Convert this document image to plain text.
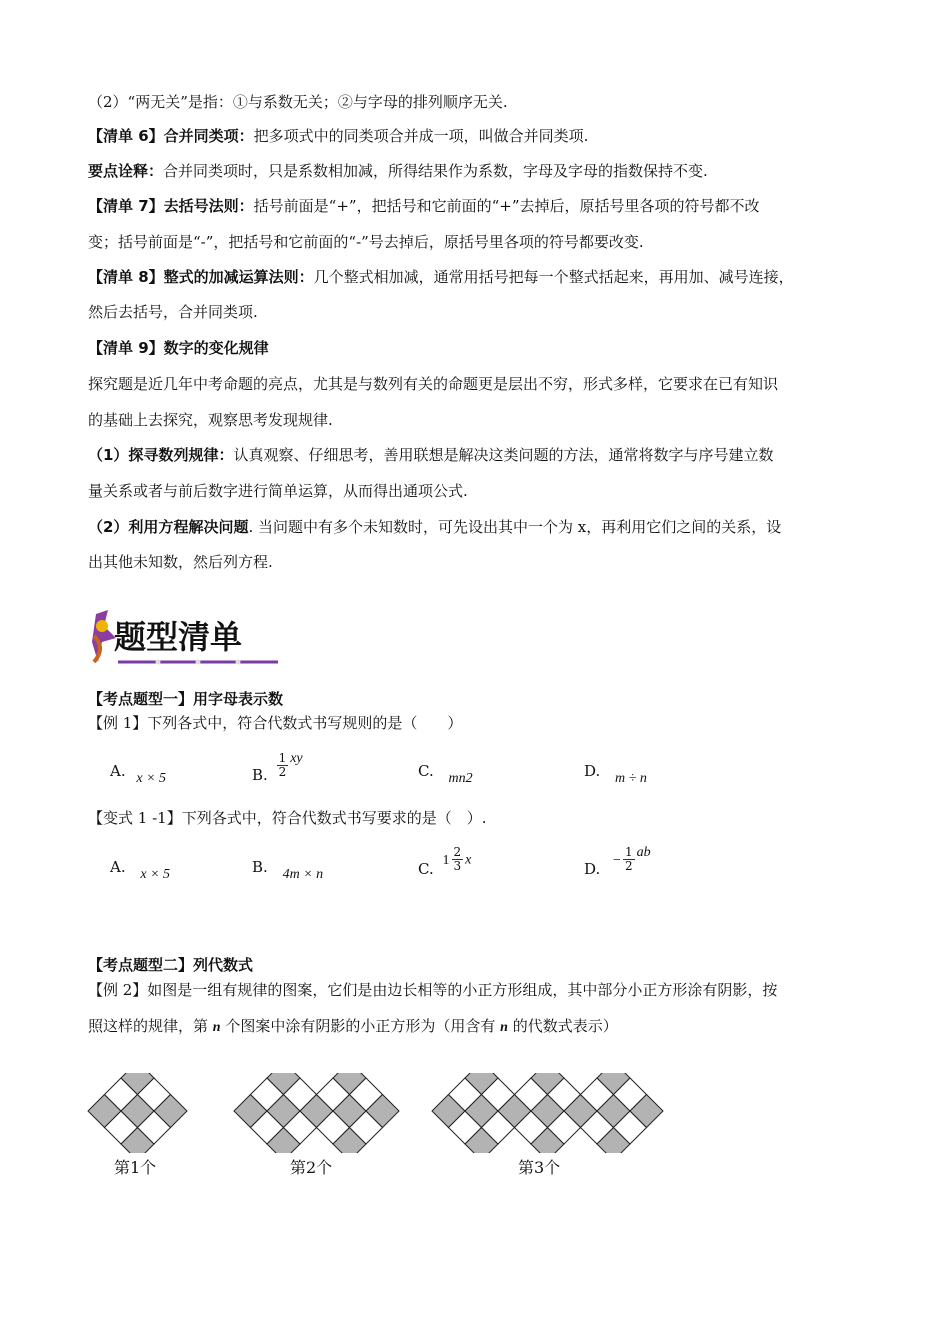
（2）“两无关”是指：①与系数无关；②与字母的排列顺序无关.
【清单 6】合并同类项：把多项式中的同类项合并成一项，叫做合并同类项.
要点诠释：合并同类项时，只是系数相加减，所得结果作为系数，字母及字母的指数保持不变.
【清单 7】去括号法则：括号前面是“+”，把括号和它前面的“+”去掉后，原括号里各项的符号都不改
变；括号前面是“-”，把括号和它前面的“-”号去掉后，原括号里各项的符号都要改变.
【清单 8】整式的加减运算法则：几个整式相加减，通常用括号把每一个整式括起来，再用加、减号连接，
然后去括号，合并同类项.
【清单 9】数字的变化规律
探究题是近几年中考命题的亮点，尤其是与数列有关的命题更是层出不穷，形式多样，它要求在已有知识
的基础上去探究，观察思考发现规律.
（1）探寻数列规律：认真观察、仔细思考，善用联想是解决这类问题的方法，通常将数字与序号建立数
量关系或者与前后数字进行简单运算，从而得出通项公式.
（2）利用方程解决问题. 当问题中有多个未知数时，可先设出其中一个为 x，再利用它们之间的关系，设
出其他未知数，然后列方程.
题型清单
【考点题型一】用字母表示数
【例 1】下列各式中，符合代数式书写规则的是（　　）
A. x × 5	B. $\frac{1}{2}$ xy
C. mn2	D. m ÷ n
【变式 1 -1】下列各式中，符合代数式书写要求的是（　）.
A. x × 5	B. 4m × n	C. $1 \frac{2}{3}$ x	D. − $\frac{1}{2}$ ab
【考点题型二】列代数式
【例 2】如图是一组有规律的图案，它们是由边长相等的小正方形组成，其中部分小正方形涂有阴影，按
照这样的规律，第 n 个图案中涂有阴影的小正方形为（用含有 n 的代数式表示）
第1个	第2个	第3个
